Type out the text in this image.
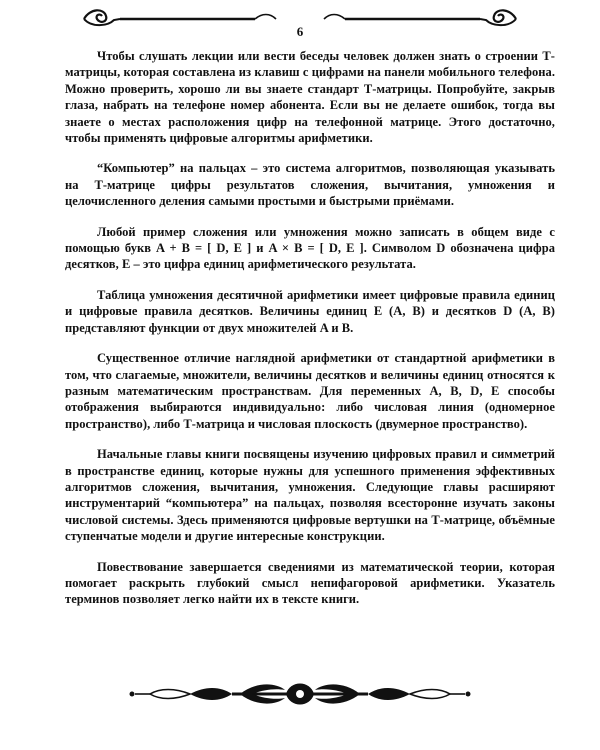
6

Чтобы слушать лекции или вести беседы человек должен знать о строении Т-матрицы, которая составлена из клавиш с цифрами на панели мобильного телефона. Можно проверить, хорошо ли вы знаете стандарт Т-матрицы. Попробуйте, закрыв глаза, набрать на телефоне номер абонента. Если вы не делаете ошибок, тогда вы знаете о местах расположения цифр на телефонной матрице. Этого достаточно, чтобы применять цифровые алгоритмы арифметики.

“Компьютер” на пальцах – это система алгоритмов, позволяющая указывать на Т-матрице цифры результатов сложения, вычитания, умножения и целочисленного деления самыми простыми и быстрыми приёмами.

Любой пример сложения или умножения можно записать в общем виде с помощью букв A + B = [ D, E ] и A × B = [ D, E ]. Символом D обозначена цифра десятков, E – это цифра единиц арифметического результата.

Таблица умножения десятичной арифметики имеет цифровые правила единиц и цифровые правила десятков. Величины единиц E (A, B) и десятков D (A, B) представляют функции от двух множителей A и B.

Существенное отличие наглядной арифметики от стандартной арифметики в том, что слагаемые, множители, величины десятков и величины единиц относятся к разным математическим пространствам. Для переменных A, B, D, E способы отображения выбираются индивидуально: либо числовая линия (одномерное пространство), либо Т-матрица и числовая плоскость (двумерное пространство).

Начальные главы книги посвящены изучению цифровых правил и симметрий в пространстве единиц, которые нужны для успешного применения эффективных алгоритмов сложения, вычитания, умножения. Следующие главы расширяют инструментарий “компьютера” на пальцах, позволяя всесторонне изучать законы числовой системы. Здесь применяются цифровые вертушки на Т-матрице, объёмные ступенчатые модели и другие интересные конструкции.

Повествование завершается сведениями из математической теории, которая помогает раскрыть глубокий смысл непифагоровой арифметики. Указатель терминов позволяет легко найти их в тексте книги.
